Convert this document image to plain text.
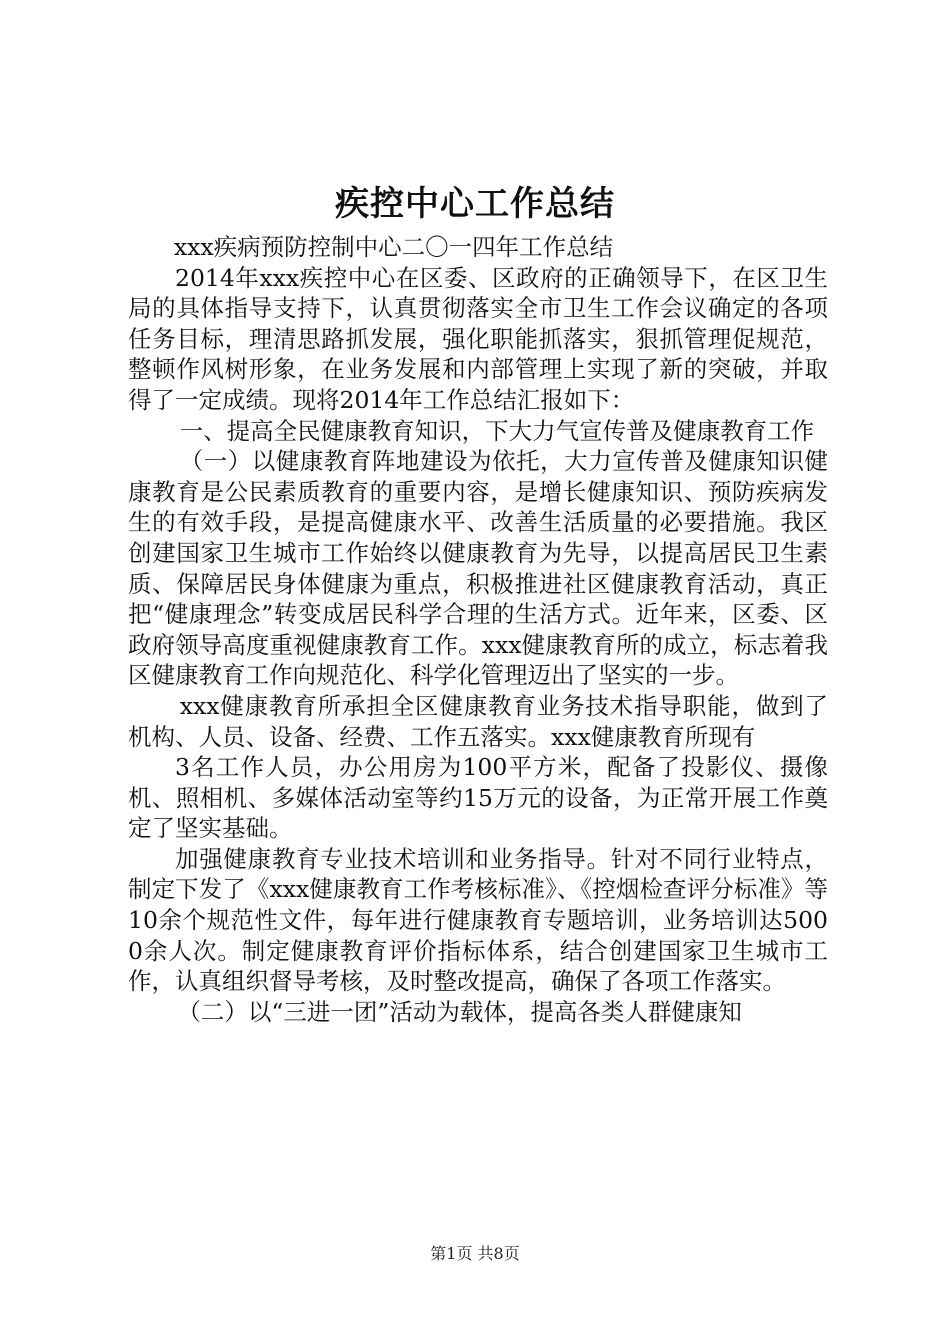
疾控中心工作总结

xxx疾病预防控制中心二〇一四年工作总结

2014年xxx疾控中心在区委、区政府的正确领导下，在区卫生局的具体指导支持下，认真贯彻落实全市卫生工作会议确定的各项任务目标，理清思路抓发展，强化职能抓落实，狠抓管理促规范，整顿作风树形象，在业务发展和内部管理上实现了新的突破，并取得了一定成绩。现将2014年工作总结汇报如下：

一、提高全民健康教育知识，下大力气宣传普及健康教育工作

（一）以健康教育阵地建设为依托，大力宣传普及健康知识健康教育是公民素质教育的重要内容，是增长健康知识、预防疾病发生的有效手段，是提高健康水平、改善生活质量的必要措施。我区创建国家卫生城市工作始终以健康教育为先导，以提高居民卫生素质、保障居民身体健康为重点，积极推进社区健康教育活动，真正把“健康理念”转变成居民科学合理的生活方式。近年来，区委、区政府领导高度重视健康教育工作。xxx健康教育所的成立，标志着我区健康教育工作向规范化、科学化管理迈出了坚实的一步。

xxx健康教育所承担全区健康教育业务技术指导职能，做到了机构、人员、设备、经费、工作五落实。xxx健康教育所现有

3名工作人员，办公用房为100平方米，配备了投影仪、摄像机、照相机、多媒体活动室等约15万元的设备，为正常开展工作奠定了坚实基础。

加强健康教育专业技术培训和业务指导。针对不同行业特点，制定下发了《xxx健康教育工作考核标准》、《控烟检查评分标准》等10余个规范性文件，每年进行健康教育专题培训，业务培训达5000余人次。制定健康教育评价指标体系，结合创建国家卫生城市工作，认真组织督导考核，及时整改提高，确保了各项工作落实。

（二）以“三进一团”活动为载体，提高各类人群健康知

第1页 共8页
